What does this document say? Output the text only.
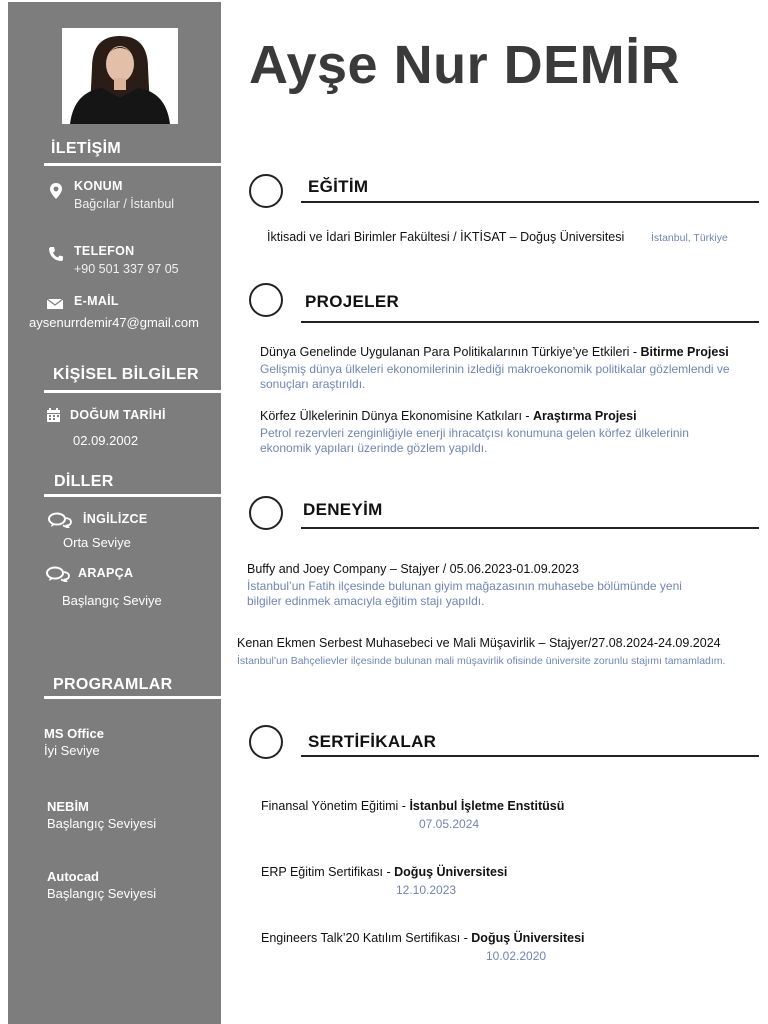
İLETİŞİM
KONUM
Bağcılar / İstanbul
TELEFON
+90 501 337 97 05
E-MAİL
aysenurrdemir47@gmail.com
KİŞİSEL BİLGİLER
DOĞUM TARİHİ
02.09.2002
DİLLER
İNGİLİZCE
Orta Seviye
ARAPÇA
Başlangıç Seviye
PROGRAMLAR
MS Office
İyi Seviye
NEBİM
Başlangıç Seviyesi
Autocad
Başlangıç Seviyesi
Ayşe Nur DEMİR
EĞİTİM
İktisadi ve İdari Birimler Fakültesi / İKTİSAT – Doğuş Üniversitesi	İstanbul, Türkiye
PROJELER
Dünya Genelinde Uygulanan Para Politikalarının Türkiye’ye Etkileri - Bitirme Projesi
Gelişmiş dünya ülkeleri ekonomilerinin izlediği makroekonomik politikalar gözlemlendi ve sonuçları araştırıldı.
Körfez Ülkelerinin Dünya Ekonomisine Katkıları - Araştırma Projesi
Petrol rezervleri zenginliğiyle enerji ihracatçısı konumuna gelen körfez ülkelerinin ekonomik yapıları üzerinde gözlem yapıldı.
DENEYİM
Buffy and Joey Company – Stajyer / 05.06.2023-01.09.2023
İstanbul’un Fatih ilçesinde bulunan giyim mağazasının muhasebe bölümünde yeni bilgiler edinmek amacıyla eğitim stajı yapıldı.
Kenan Ekmen Serbest Muhasebeci ve Mali Müşavirlik – Stajyer/27.08.2024-24.09.2024
İstanbul’un Bahçelievler ilçesinde bulunan mali müşavirlik ofisinde üniversite zorunlu stajımı tamamladım.
SERTİFİKALAR
Finansal Yönetim Eğitimi - İstanbul İşletme Enstitüsü
07.05.2024
ERP Eğitim Sertifikası - Doğuş Üniversitesi
12.10.2023
Engineers Talk’20 Katılım Sertifikası - Doğuş Üniversitesi
10.02.2020
